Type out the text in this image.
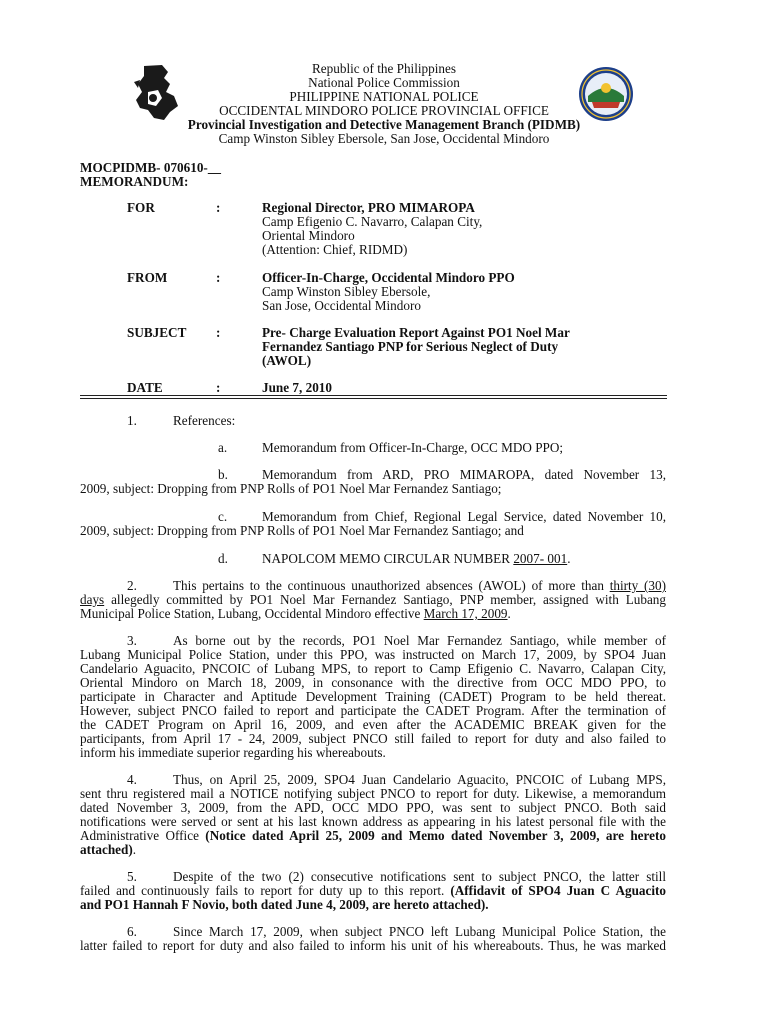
Republic of the Philippines
National Police Commission
PHILIPPINE NATIONAL POLICE
OCCIDENTAL MINDORO POLICE PROVINCIAL OFFICE
Provincial Investigation and Detective Management Branch (PIDMB)
Camp Winston Sibley Ebersole, San Jose, Occidental Mindoro
MOCPIDMB- 070610-__
MEMORANDUM:
FOR	:	Regional Director, PRO MIMAROPA
Camp Efigenio C. Navarro, Calapan City,
Oriental Mindoro
(Attention: Chief, RIDMD)
FROM	:	Officer-In-Charge, Occidental Mindoro PPO
Camp Winston Sibley Ebersole,
San Jose, Occidental Mindoro
SUBJECT :	Pre- Charge Evaluation Report Against PO1 Noel Mar
Fernandez Santiago PNP for Serious Neglect of Duty
(AWOL)
DATE	:	June 7, 2010
1.	References:
a.	Memorandum from Officer-In-Charge, OCC MDO PPO;
b.	Memorandum from ARD, PRO MIMAROPA, dated November 13,
2009, subject: Dropping from PNP Rolls of PO1 Noel Mar Fernandez Santiago;
c.	Memorandum from Chief, Regional Legal Service, dated November 10,
2009, subject: Dropping from PNP Rolls of PO1 Noel Mar Fernandez Santiago; and
d.	NAPOLCOM MEMO CIRCULAR NUMBER 2007- 001.
2.	This pertains to the continuous unauthorized absences (AWOL) of more than thirty (30)
days allegedly committed by PO1 Noel Mar Fernandez Santiago, PNP member, assigned with Lubang
Municipal Police Station, Lubang, Occidental Mindoro effective March 17, 2009.
3.	As borne out by the records, PO1 Noel Mar Fernandez Santiago, while member of
Lubang Municipal Police Station, under this PPO, was instructed on March 17, 2009, by SPO4 Juan
Candelario Aguacito, PNCOIC of Lubang MPS, to report to Camp Efigenio C. Navarro, Calapan City,
Oriental Mindoro on March 18, 2009, in consonance with the directive from OCC MDO PPO, to
participate in Character and Aptitude Development Training (CADET) Program to be held thereat.
However, subject PNCO failed to report and participate the CADET Program. After the termination of
the CADET Program on April 16, 2009, and even after the ACADEMIC BREAK given for the
participants, from April 17 - 24, 2009, subject PNCO still failed to report for duty and also failed to
inform his immediate superior regarding his whereabouts.
4.	Thus, on April 25, 2009, SPO4 Juan Candelario Aguacito, PNCOIC of Lubang MPS,
sent thru registered mail a NOTICE notifying subject PNCO to report for duty. Likewise, a memorandum
dated November 3, 2009, from the APD, OCC MDO PPO, was sent to subject PNCO. Both said
notifications were served or sent at his last known address as appearing in his latest personal file with the
Administrative Office (Notice dated April 25, 2009 and Memo dated November 3, 2009, are hereto
attached).
5.	Despite of the two (2) consecutive notifications sent to subject PNCO, the latter still
failed and continuously fails to report for duty up to this report. (Affidavit of SPO4 Juan C Aguacito
and PO1 Hannah F Novio, both dated June 4, 2009, are hereto attached).
6.	Since March 17, 2009, when subject PNCO left Lubang Municipal Police Station, the
latter failed to report for duty and also failed to inform his unit of his whereabouts. Thus, he was marked
